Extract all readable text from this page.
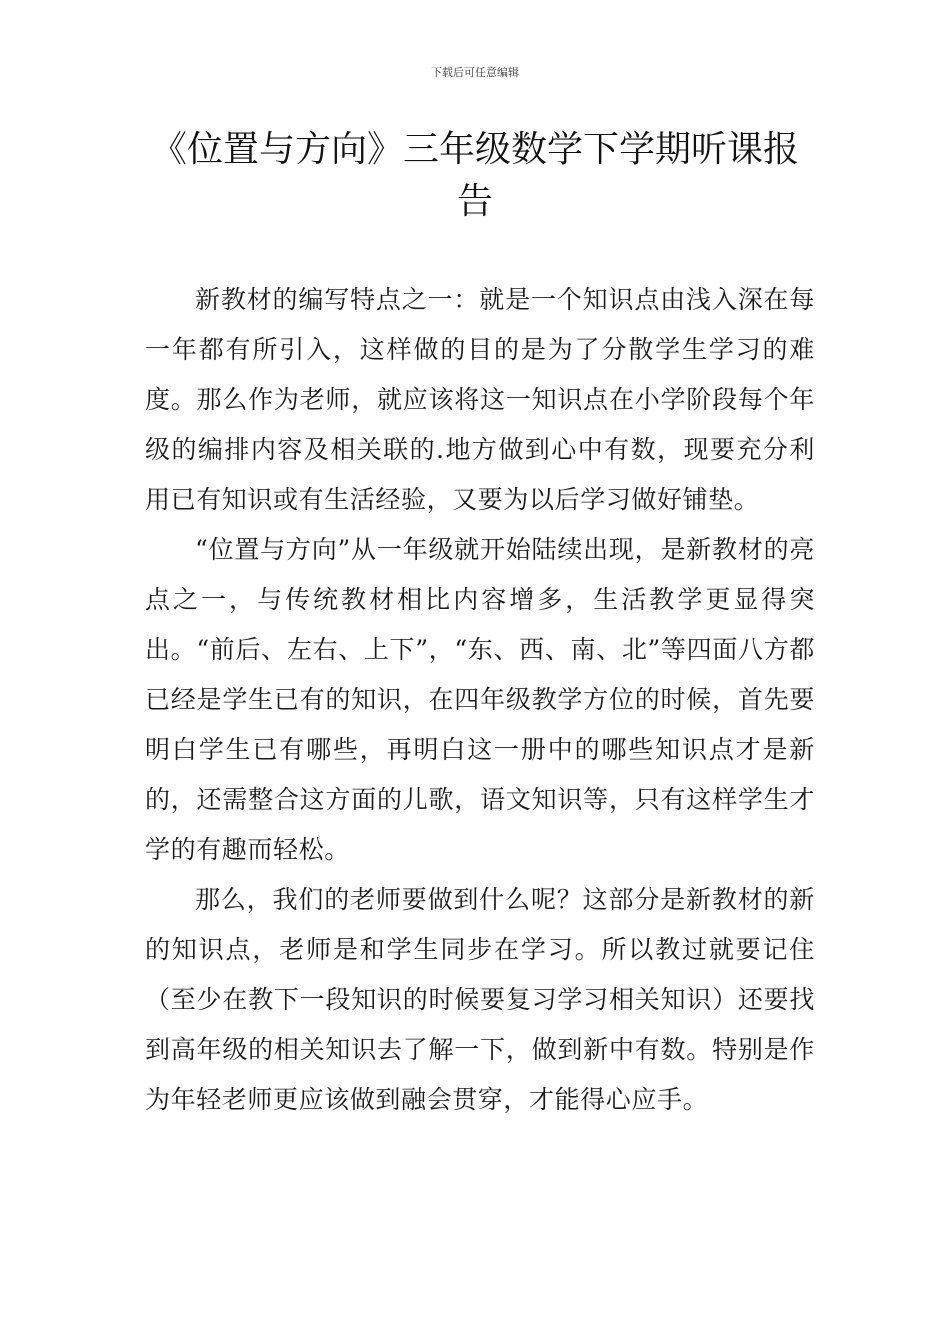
下载后可任意编辑
《位置与方向》三年级数学下学期听课报告

新教材的编写特点之一：就是一个知识点由浅入深在每一年都有所引入，这样做的目的是为了分散学生学习的难度。那么作为老师，就应该将这一知识点在小学阶段每个年级的编排内容及相关联的.地方做到心中有数，现要充分利用已有知识或有生活经验，又要为以后学习做好铺垫。

“位置与方向”从一年级就开始陆续出现，是新教材的亮点之一，与传统教材相比内容增多，生活教学更显得突出。“前后、左右、上下”，“东、西、南、北”等四面八方都已经是学生已有的知识，在四年级教学方位的时候，首先要明白学生已有哪些，再明白这一册中的哪些知识点才是新的，还需整合这方面的儿歌，语文知识等，只有这样学生才学的有趣而轻松。

那么，我们的老师要做到什么呢？这部分是新教材的新的知识点，老师是和学生同步在学习。所以教过就要记住（至少在教下一段知识的时候要复习学习相关知识）还要找到高年级的相关知识去了解一下，做到新中有数。特别是作为年轻老师更应该做到融会贯穿，才能得心应手。
